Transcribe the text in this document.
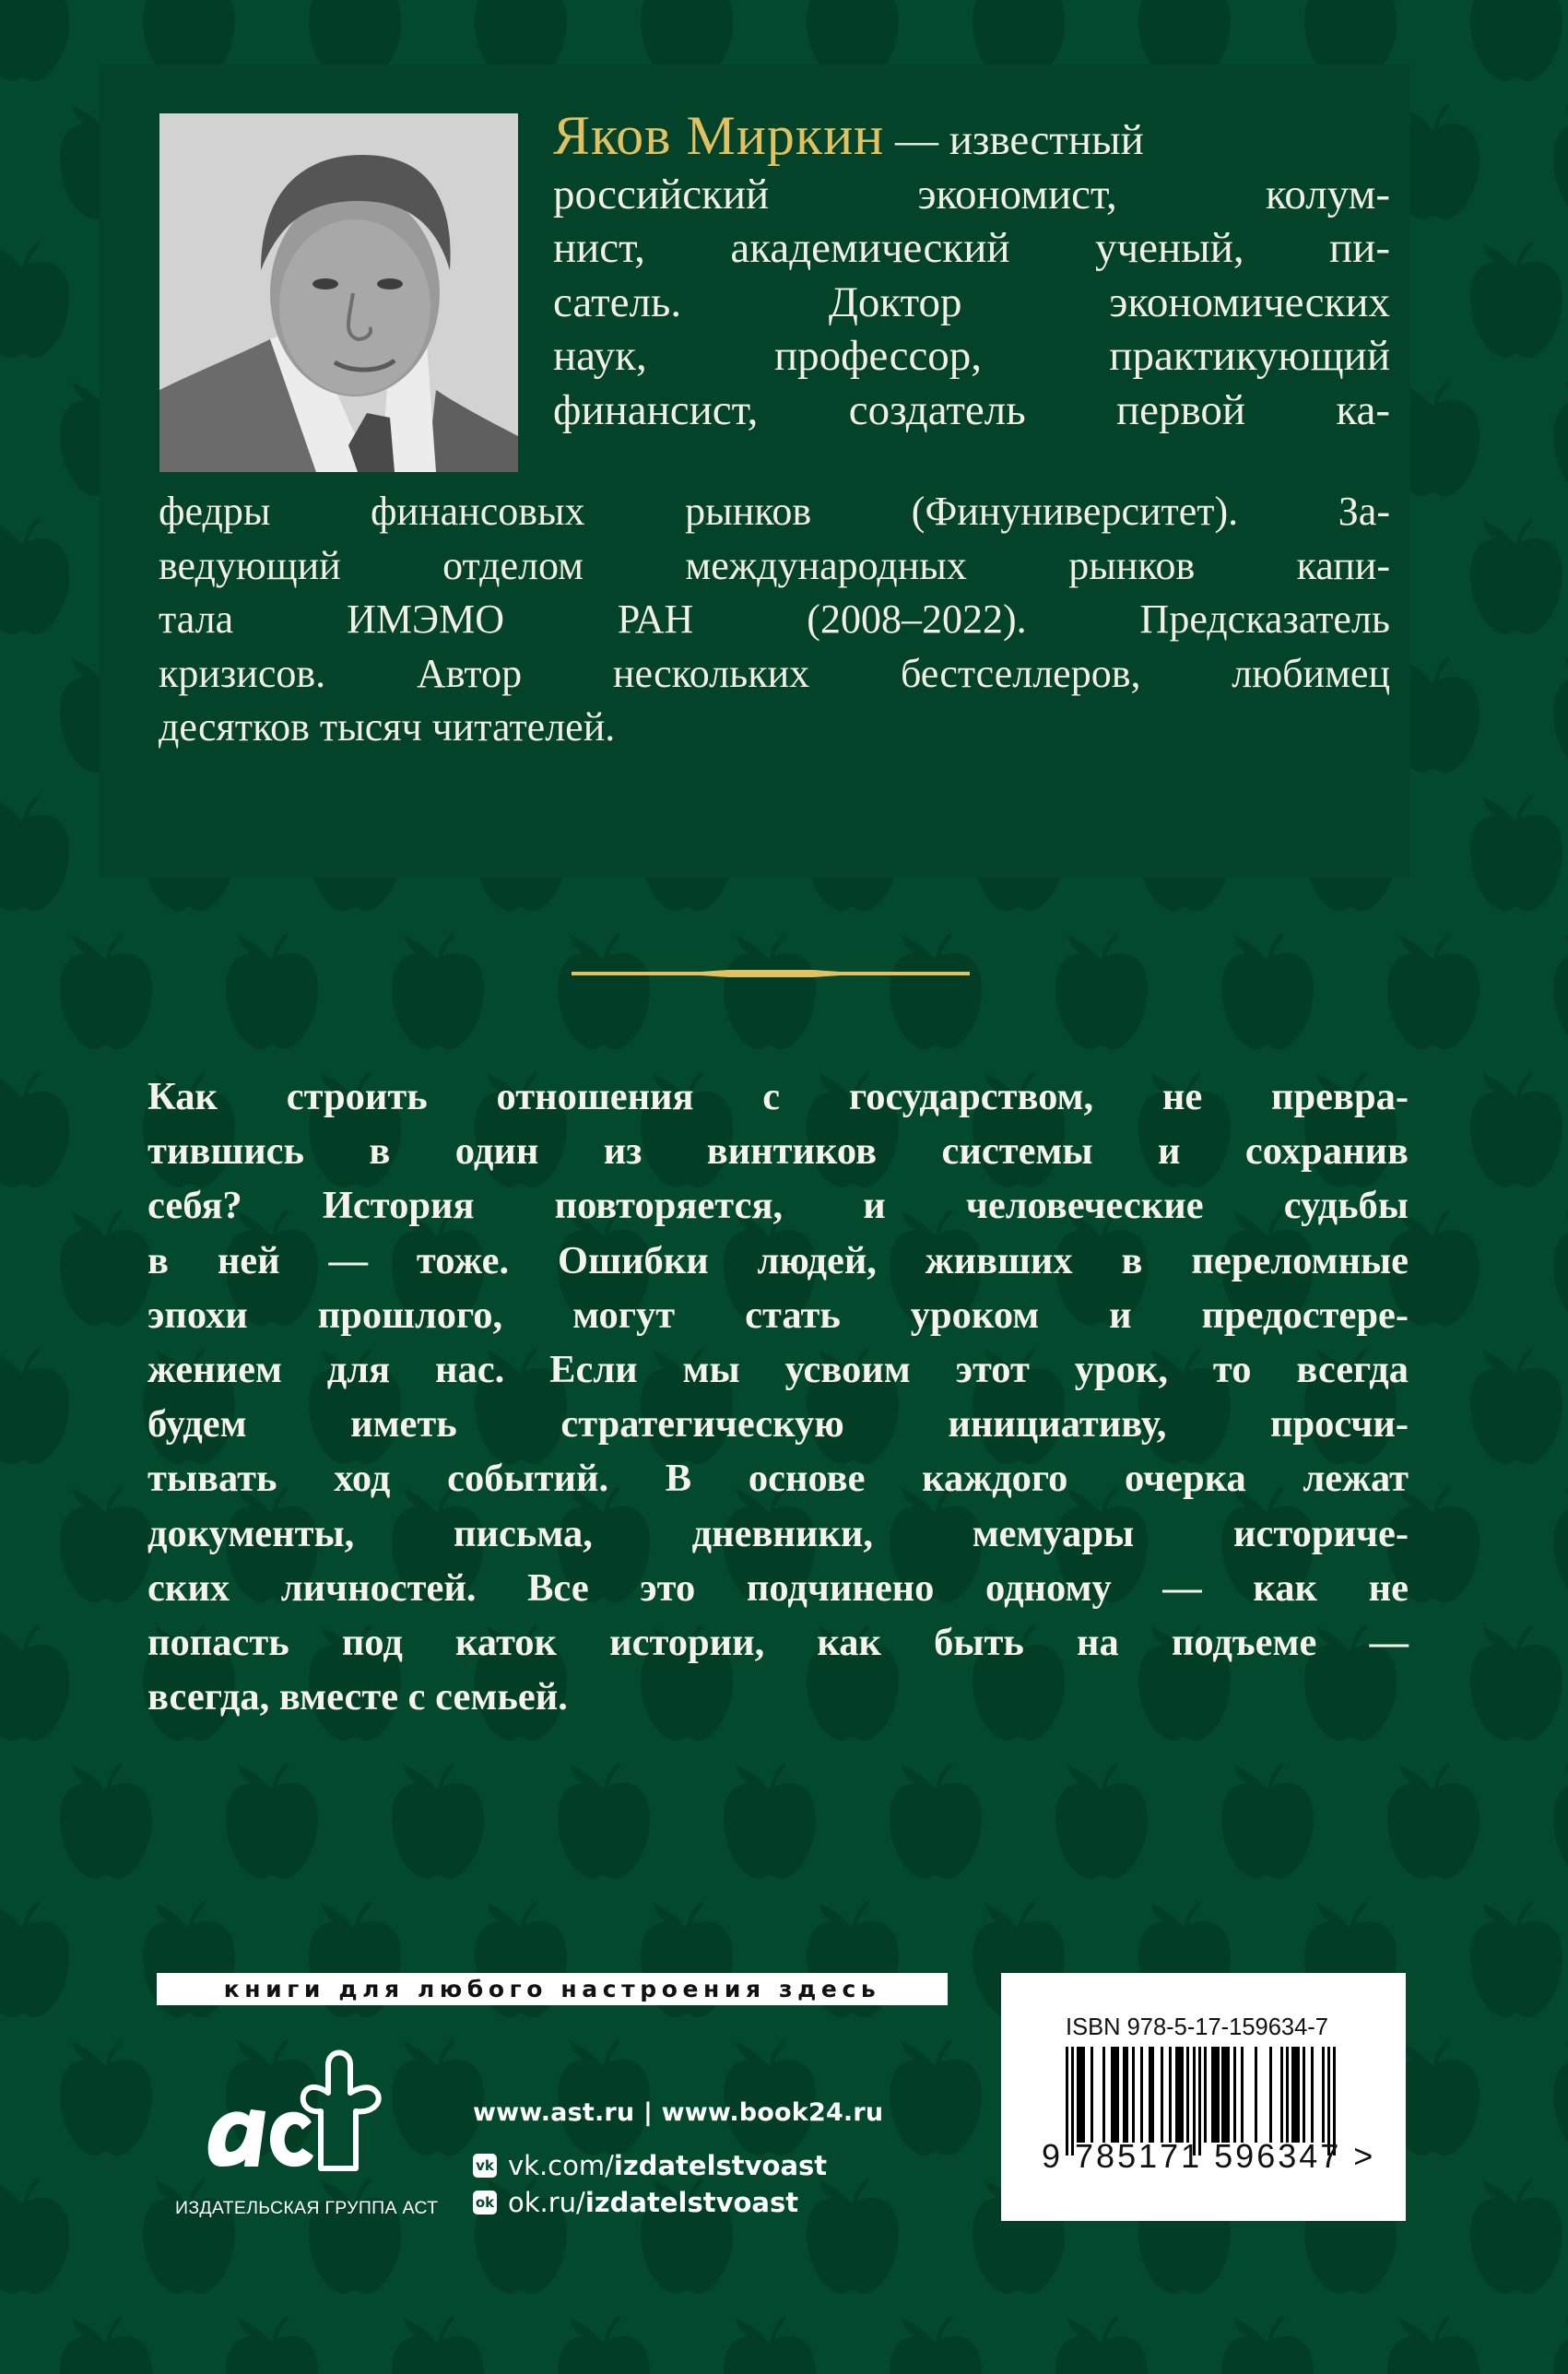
Яков Миркин — известный
российский экономист, колум-
нист, академический ученый, пи-
сатель. Доктор экономических
наук, профессор, практикующий
финансист, создатель первой ка-
федры финансовых рынков (Финуниверситет). За-
ведующий отделом международных рынков капи-
тала ИМЭМО РАН (2008–2022). Предсказатель
кризисов. Автор нескольких бестселлеров, любимец
десятков тысяч читателей.
Как строить отношения с государством, не превра-
тившись в один из винтиков системы и сохранив
себя? История повторяется, и человеческие судьбы
в ней — тоже. Ошибки людей, живших в переломные
эпохи прошлого, могут стать уроком и предостере-
жением для нас. Если мы усвоим этот урок, то всегда
будем иметь стратегическую инициативу, просчи-
тывать ход событий. В основе каждого очерка лежат
документы, письма, дневники, мемуары историче-
ских личностей. Все это подчинено одному — как не
попасть под каток истории, как быть на подъеме —
всегда, вместе с семьей.
книги для любого настроения здесь
ИЗДАТЕЛЬСКАЯ ГРУППА АСТ
www.ast.ru | www.book24.ru
vk vk.com/ izdatelstvoast
ok ok.ru/ izdatelstvoast
ISBN 978-5-17-159634-7
9 785171 596347 >
